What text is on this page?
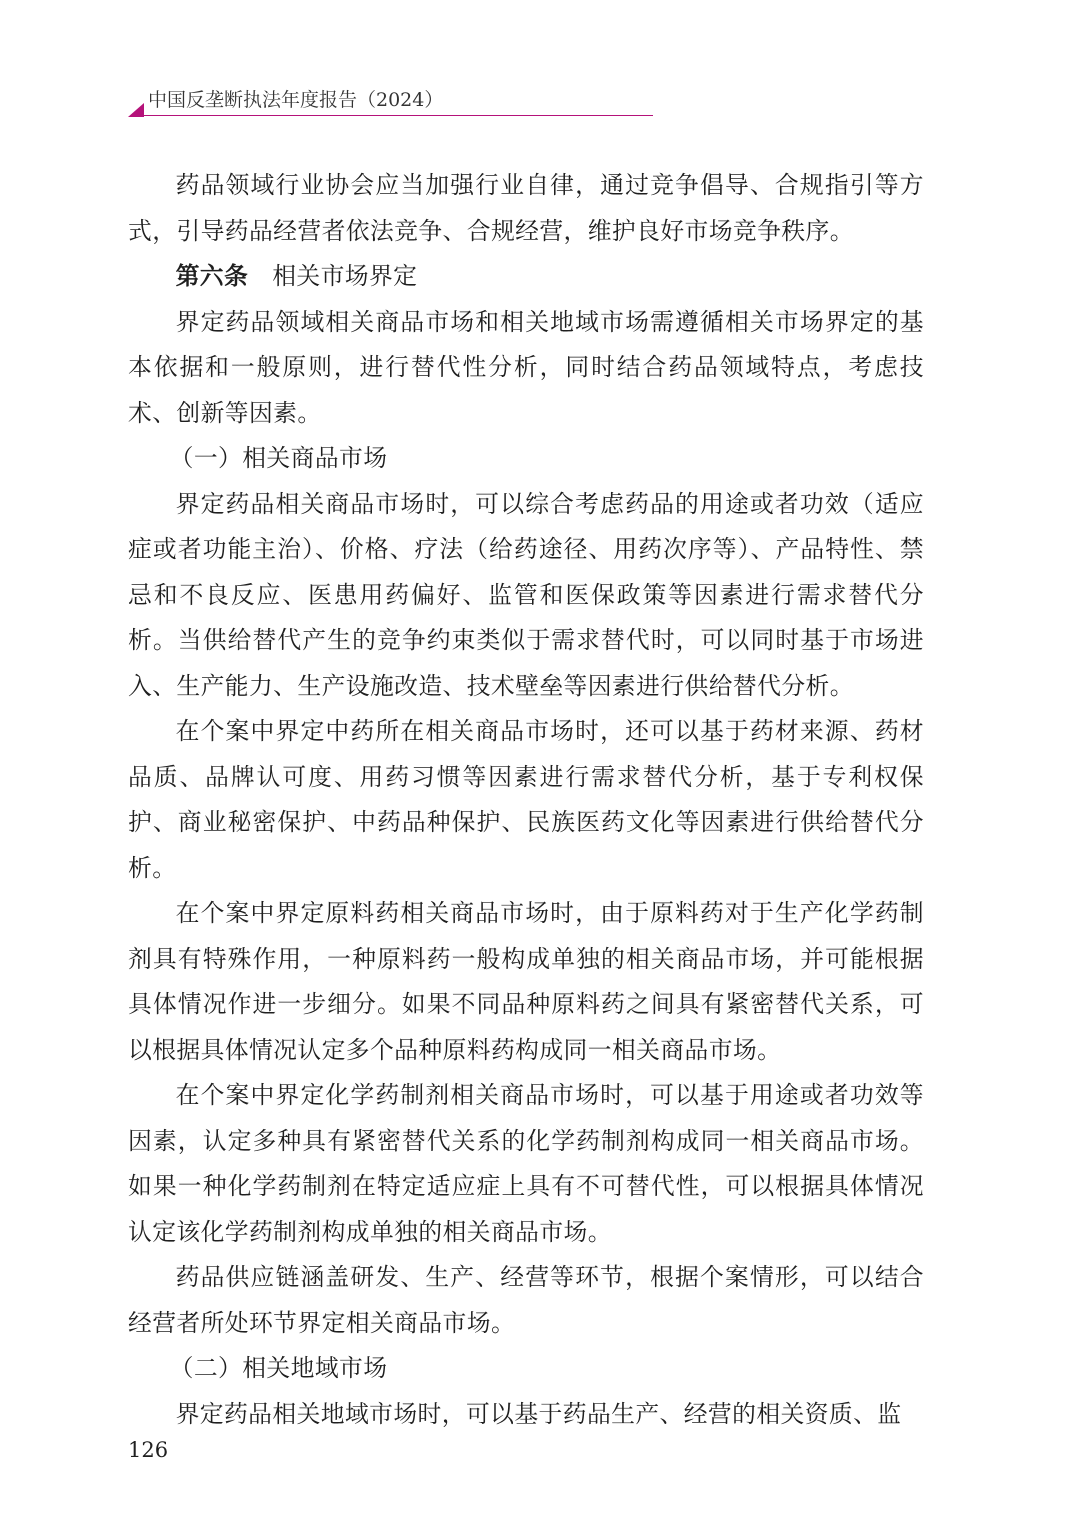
中国反垄断执法年度报告（2024）

药品领域行业协会应当加强行业自律，通过竞争倡导、合规指引等方式，引导药品经营者依法竞争、合规经营，维护良好市场竞争秩序。

第六条 相关市场界定

界定药品领域相关商品市场和相关地域市场需遵循相关市场界定的基本依据和一般原则，进行替代性分析，同时结合药品领域特点，考虑技术、创新等因素。

（一）相关商品市场

界定药品相关商品市场时，可以综合考虑药品的用途或者功效（适应症或者功能主治）、价格、疗法（给药途径、用药次序等）、产品特性、禁忌和不良反应、医患用药偏好、监管和医保政策等因素进行需求替代分析。当供给替代产生的竞争约束类似于需求替代时，可以同时基于市场进入、生产能力、生产设施改造、技术壁垒等因素进行供给替代分析。

在个案中界定中药所在相关商品市场时，还可以基于药材来源、药材品质、品牌认可度、用药习惯等因素进行需求替代分析，基于专利权保护、商业秘密保护、中药品种保护、民族医药文化等因素进行供给替代分析。

在个案中界定原料药相关商品市场时，由于原料药对于生产化学药制剂具有特殊作用，一种原料药一般构成单独的相关商品市场，并可能根据具体情况作进一步细分。如果不同品种原料药之间具有紧密替代关系，可以根据具体情况认定多个品种原料药构成同一相关商品市场。

在个案中界定化学药制剂相关商品市场时，可以基于用途或者功效等因素，认定多种具有紧密替代关系的化学药制剂构成同一相关商品市场。如果一种化学药制剂在特定适应症上具有不可替代性，可以根据具体情况认定该化学药制剂构成单独的相关商品市场。

药品供应链涵盖研发、生产、经营等环节，根据个案情形，可以结合经营者所处环节界定相关商品市场。

（二）相关地域市场

界定药品相关地域市场时，可以基于药品生产、经营的相关资质、监

126
